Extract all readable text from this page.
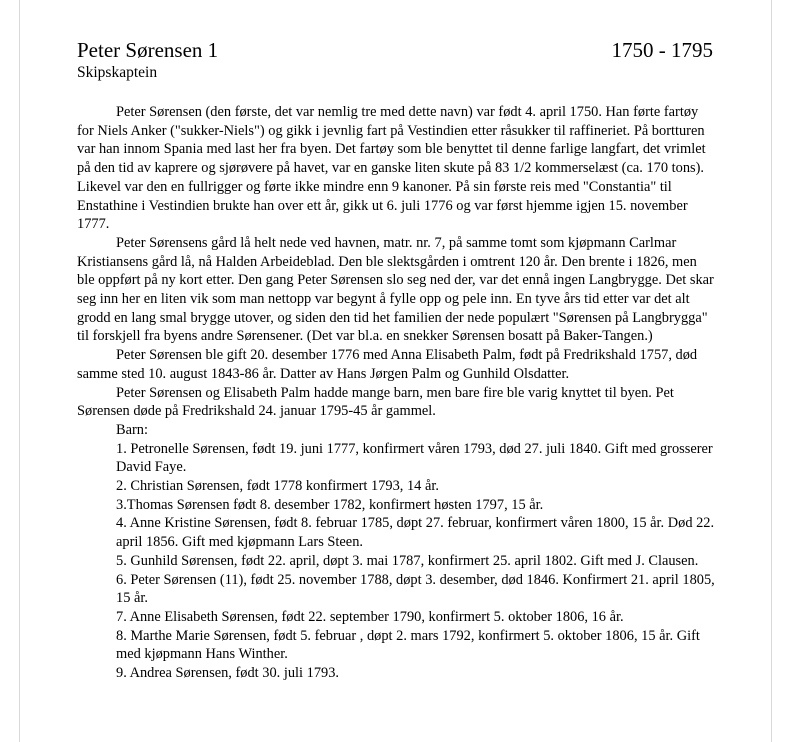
Peter Sørensen 1	1750 - 1795
Skipskaptein

Peter Sørensen (den første, det var nemlig tre med dette navn) var født 4. april 1750. Han førte fartøy for Niels Anker ("sukker-Niels") og gikk i jevnlig fart på Vestindien etter råsukker til raffineriet. På bortturen var han innom Spania med last her fra byen. Det fartøy som ble benyttet til denne farlige langfart, det vrimlet på den tid av kaprere og sjørøvere på havet, var en ganske liten skute på 83 1/2 kommerselæst (ca. 170 tons). Likevel var den en fullrigger og førte ikke mindre enn 9 kanoner. På sin første reis med "Constantia" til Enstathine i Vestindien brukte han over ett år, gikk ut 6. juli 1776 og var først hjemme igjen 15. november 1777.

Peter Sørensens gård lå helt nede ved havnen, matr. nr. 7, på samme tomt som kjøpmann Carlmar Kristiansens gård lå, nå Halden Arbeideblad. Den ble slektsgården i omtrent 120 år. Den brente i 1826, men ble oppført på ny kort etter. Den gang Peter Sørensen slo seg ned der, var det ennå ingen Langbrygge. Det skar seg inn her en liten vik som man nettopp var begynt å fylle opp og pele inn. En tyve års tid etter var det alt grodd en lang smal brygge utover, og siden den tid het familien der nede populært "Sørensen på Langbrygga" til forskjell fra byens andre Sørensener. (Det var bl.a. en snekker Sørensen bosatt på Baker-Tangen.)

Peter Sørensen ble gift 20. desember 1776 med Anna Elisabeth Palm, født på Fredrikshald 1757, død samme sted 10. august 1843-86 år. Datter av Hans Jørgen Palm og Gunhild Olsdatter.

Peter Sørensen og Elisabeth Palm hadde mange barn, men bare fire ble varig knyttet til byen. Pet Sørensen døde på Fredrikshald 24. januar 1795-45 år gammel.

Barn:

1. Petronelle Sørensen, født 19. juni 1777, konfirmert våren 1793, død 27. juli 1840. Gift med grosserer David Faye.

2. Christian Sørensen, født 1778 konfirmert 1793, 14 år.

3.Thomas Sørensen født 8. desember 1782, konfirmert høsten 1797, 15 år.

4. Anne Kristine Sørensen, født 8. februar 1785, døpt 27. februar, konfirmert våren 1800, 15 år. Død 22. april 1856. Gift med kjøpmann Lars Steen.

5. Gunhild Sørensen, født 22. april, døpt 3. mai 1787, konfirmert 25. april 1802. Gift med J. Clausen.

6. Peter Sørensen (11), født 25. november 1788, døpt 3. desember, død 1846. Konfirmert 21. april 1805, 15 år.

7. Anne Elisabeth Sørensen, født 22. september 1790, konfirmert 5. oktober 1806, 16 år.

8. Marthe Marie Sørensen, født 5. februar , døpt 2. mars 1792, konfirmert 5. oktober 1806, 15 år. Gift med kjøpmann Hans Winther.

9. Andrea Sørensen, født 30. juli 1793.
